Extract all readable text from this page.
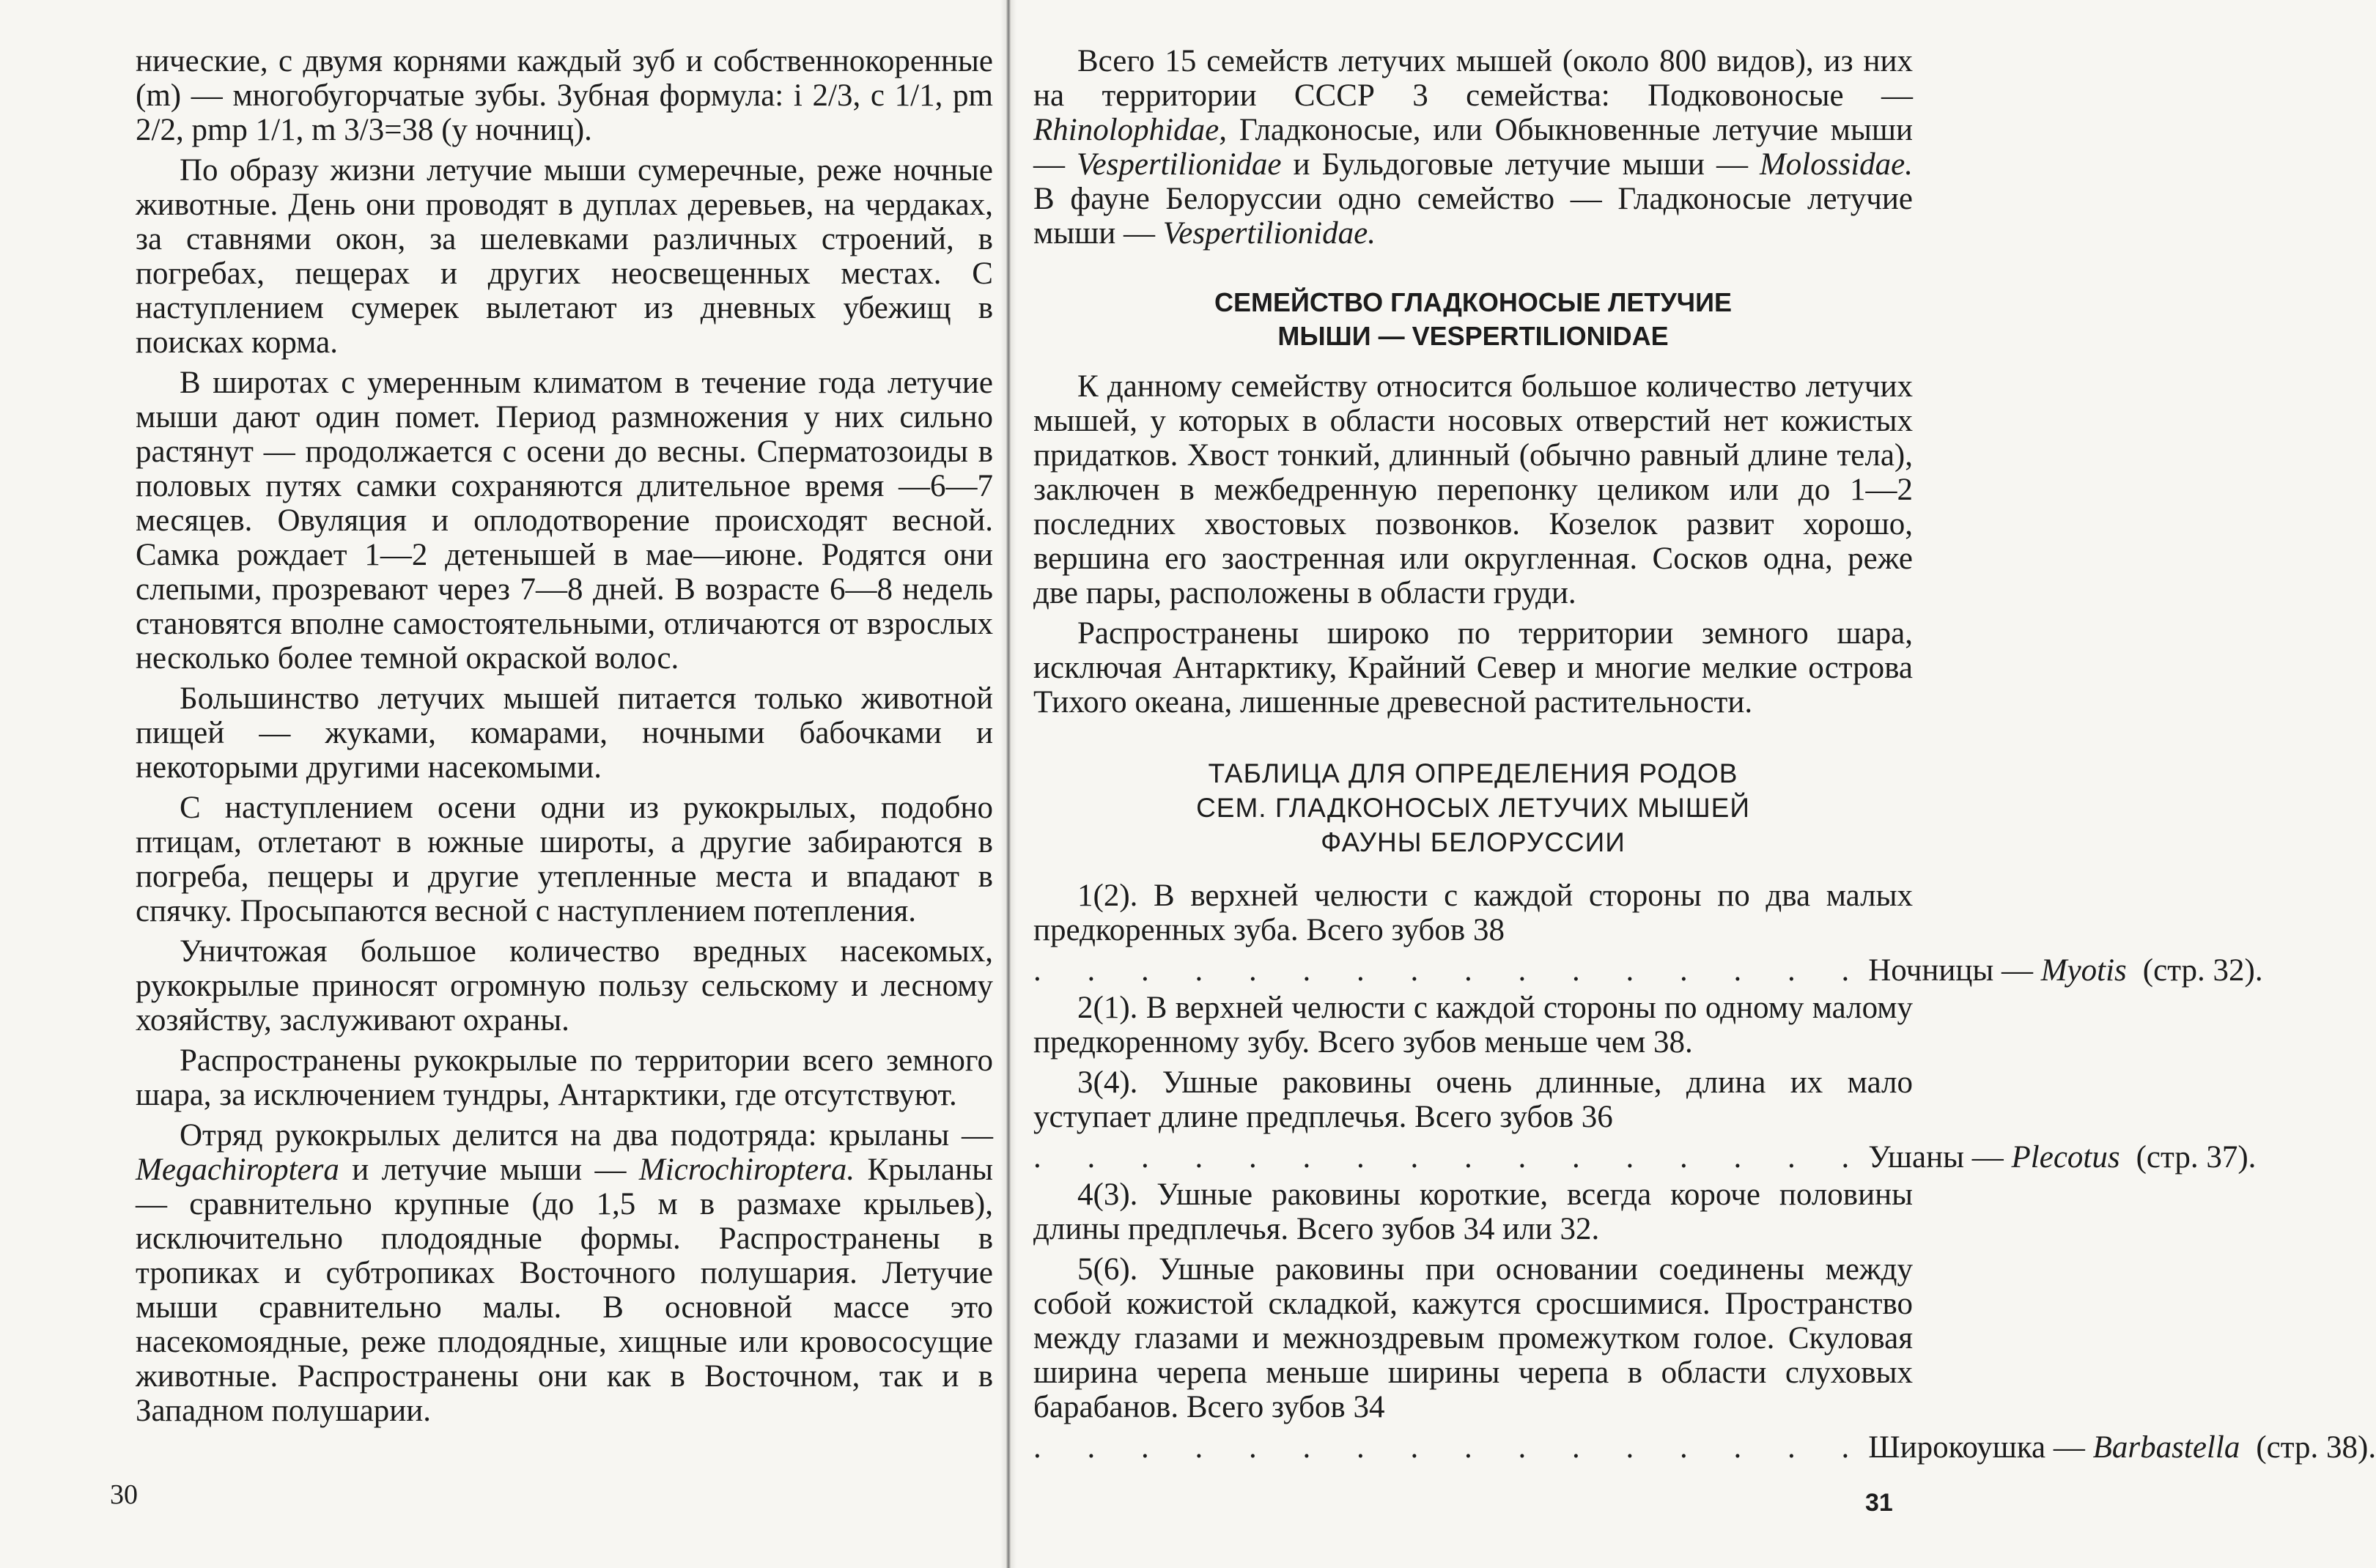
нические, с двумя корнями каждый зуб и собственнокоренные (m) — многобугорчатые зубы. Зубная формула: i 2/3, с 1/1, pm 2/2, pmp 1/1, m 3/3=38 (у ночниц).

По образу жизни летучие мыши сумеречные, реже ночные животные. День они проводят в дуплах деревьев, на чердаках, за ставнями окон, за шелевками различных строений, в погребах, пещерах и других неосвещенных местах. С наступлением сумерек вылетают из дневных убежищ в поисках корма.

В широтах с умеренным климатом в течение года летучие мыши дают один помет. Период размножения у них сильно растянут — продолжается с осени до весны. Сперматозоиды в половых путях самки сохраняются длительное время —6—7 месяцев. Овуляция и оплодотворение происходят весной. Самка рождает 1—2 детенышей в мае—июне. Родятся они слепыми, прозревают через 7—8 дней. В возрасте 6—8 недель становятся вполне самостоятельными, отличаются от взрослых несколько более темной окраской волос.

Большинство летучих мышей питается только животной пищей — жуками, комарами, ночными бабочками и некоторыми другими насекомыми.

С наступлением осени одни из рукокрылых, подобно птицам, отлетают в южные широты, а другие забираются в погреба, пещеры и другие утепленные места и впадают в спячку. Просыпаются весной с наступлением потепления.

Уничтожая большое количество вредных насекомых, рукокрылые приносят огромную пользу сельскому и лесному хозяйству, заслуживают охраны.

Распространены рукокрылые по территории всего земного шара, за исключением тундры, Антарктики, где отсутствуют.

Отряд рукокрылых делится на два подотряда: крыланы — Megachiroptera и летучие мыши — Microchiroptera. Крыланы — сравнительно крупные (до 1,5 м в размахе крыльев), исключительно плодоядные формы. Распространены в тропиках и субтропиках Восточного полушария. Летучие мыши сравнительно малы. В основной массе это насекомоядные, реже плодоядные, хищные или кровососущие животные. Распространены они как в Восточном, так и в Западном полушарии.

30

Всего 15 семейств летучих мышей (около 800 видов), из них на территории СССР 3 семейства: Подковоносые — Rhinolophidae, Гладконосые, или Обыкновенные летучие мыши — Vespertilionidae и Бульдоговые летучие мыши — Molossidae. В фауне Белоруссии одно семейство — Гладконосые летучие мыши — Vespertilionidae.

СЕМЕЙСТВО ГЛАДКОНОСЫЕ ЛЕТУЧИЕ
МЫШИ — VESPERTILIONIDAE

К данному семейству относится большое количество летучих мышей, у которых в области носовых отверстий нет кожистых придатков. Хвост тонкий, длинный (обычно равный длине тела), заключен в межбедренную перепонку целиком или до 1—2 последних хвостовых позвонков. Козелок развит хорошо, вершина его заостренная или округленная. Сосков одна, реже две пары, расположены в области груди.

Распространены широко по территории земного шара, исключая Антарктику, Крайний Север и многие мелкие острова Тихого океана, лишенные древесной растительности.

ТАБЛИЦА ДЛЯ ОПРЕДЕЛЕНИЯ РОДОВ
СЕМ. ГЛАДКОНОСЫХ ЛЕТУЧИХ МЫШЕЙ
ФАУНЫ БЕЛОРУССИИ

1(2). В верхней челюсти с каждой стороны по два малых предкоренных зуба. Всего зубов 38

. . . . . . . . . . . . . . . . Ночницы — Myotis (стр. 32).

2(1). В верхней челюсти с каждой стороны по одному малому предкоренному зубу. Всего зубов меньше чем 38.

3(4). Ушные раковины очень длинные, длина их мало уступает длине предплечья. Всего зубов 36

. . . . . . . . . . . . . . . . Ушаны — Plecotus (стр. 37).

4(3). Ушные раковины короткие, всегда короче половины длины предплечья. Всего зубов 34 или 32.

5(6). Ушные раковины при основании соединены между собой кожистой складкой, кажутся сросшимися. Пространство между глазами и межноздревым промежутком голое. Скуловая ширина черепа меньше ширины черепа в области слуховых барабанов. Всего зубов 34

. . . . . . . . . . . . . . . . Широкоушка — Barbastella (стр. 38).
31
